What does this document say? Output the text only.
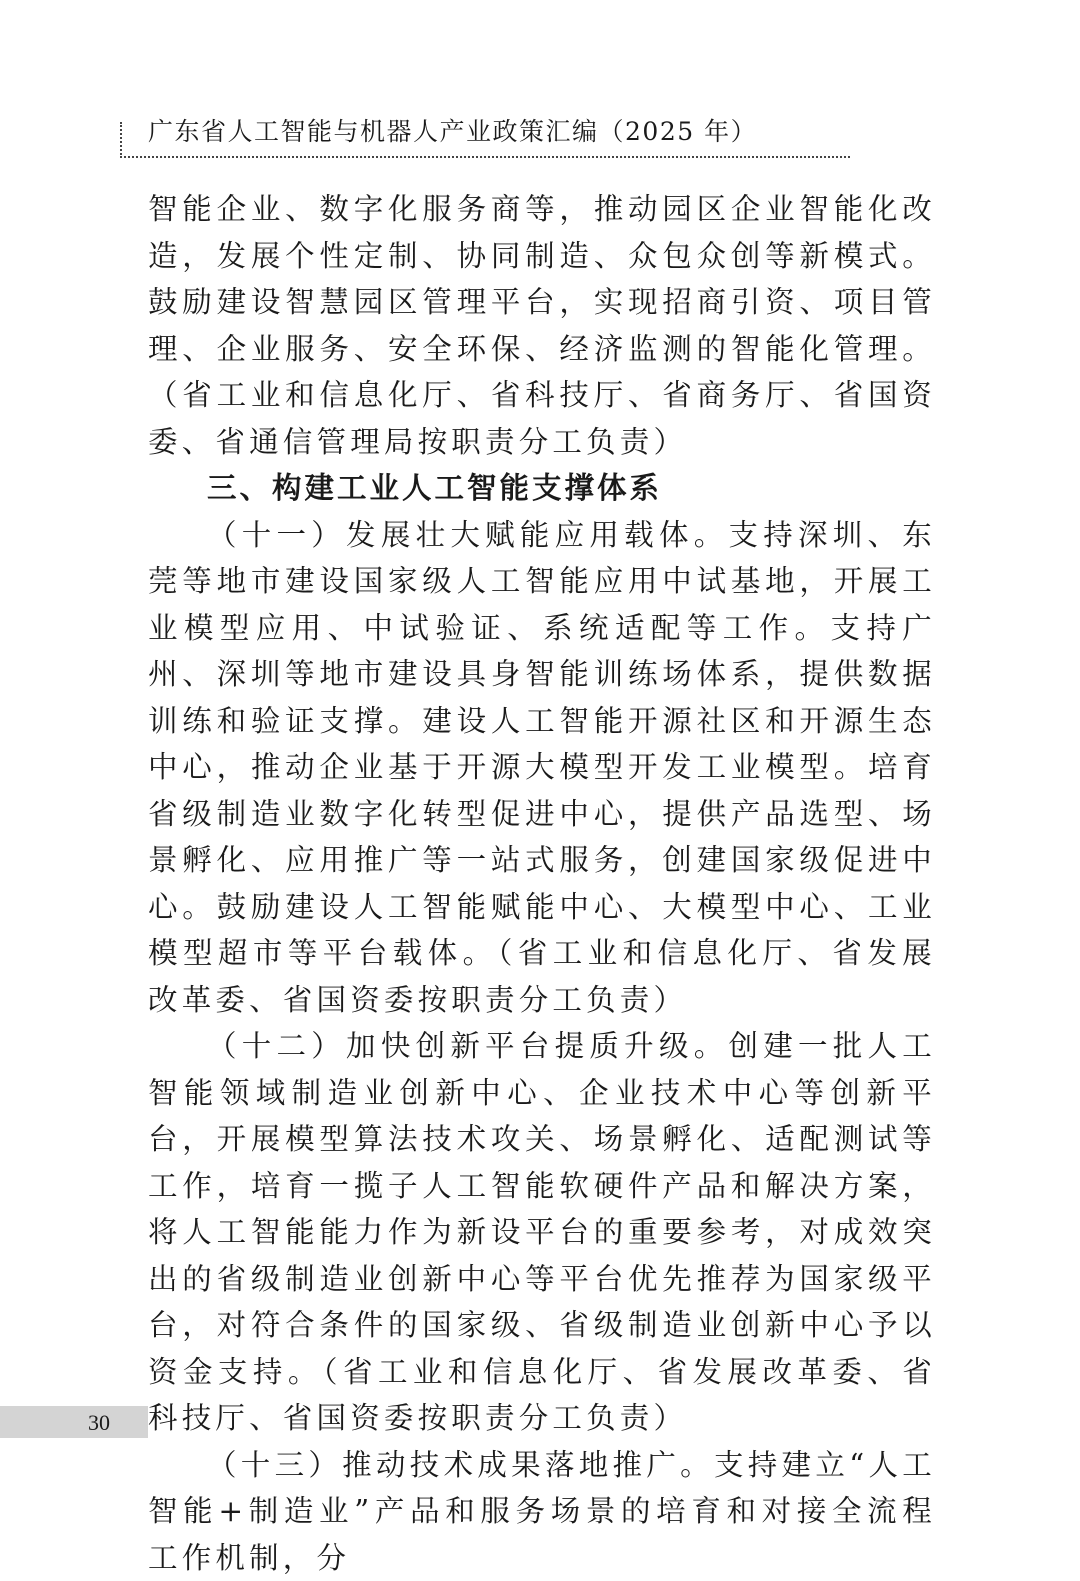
广东省人工智能与机器人产业政策汇编（2025 年）

智能企业、数字化服务商等，推动园区企业智能化改造，发展个性定制、协同制造、众包众创等新模式。鼓励建设智慧园区管理平台，实现招商引资、项目管理、企业服务、安全环保、经济监测的智能化管理。（省工业和信息化厅、省科技厅、省商务厅、省国资委、省通信管理局按职责分工负责）

三、构建工业人工智能支撑体系

（十一）发展壮大赋能应用载体。支持深圳、东莞等地市建设国家级人工智能应用中试基地，开展工业模型应用、中试验证、系统适配等工作。支持广州、深圳等地市建设具身智能训练场体系，提供数据训练和验证支撑。建设人工智能开源社区和开源生态中心，推动企业基于开源大模型开发工业模型。培育省级制造业数字化转型促进中心，提供产品选型、场景孵化、应用推广等一站式服务，创建国家级促进中心。鼓励建设人工智能赋能中心、大模型中心、工业模型超市等平台载体。（省工业和信息化厅、省发展改革委、省国资委按职责分工负责）

（十二）加快创新平台提质升级。创建一批人工智能领域制造业创新中心、企业技术中心等创新平台，开展模型算法技术攻关、场景孵化、适配测试等工作，培育一揽子人工智能软硬件产品和解决方案，将人工智能能力作为新设平台的重要参考，对成效突出的省级制造业创新中心等平台优先推荐为国家级平台，对符合条件的国家级、省级制造业创新中心予以资金支持。（省工业和信息化厅、省发展改革委、省科技厅、省国资委按职责分工负责）

（十三）推动技术成果落地推广。支持建立“人工智能+制造业”产品和服务场景的培育和对接全流程工作机制，分

30
